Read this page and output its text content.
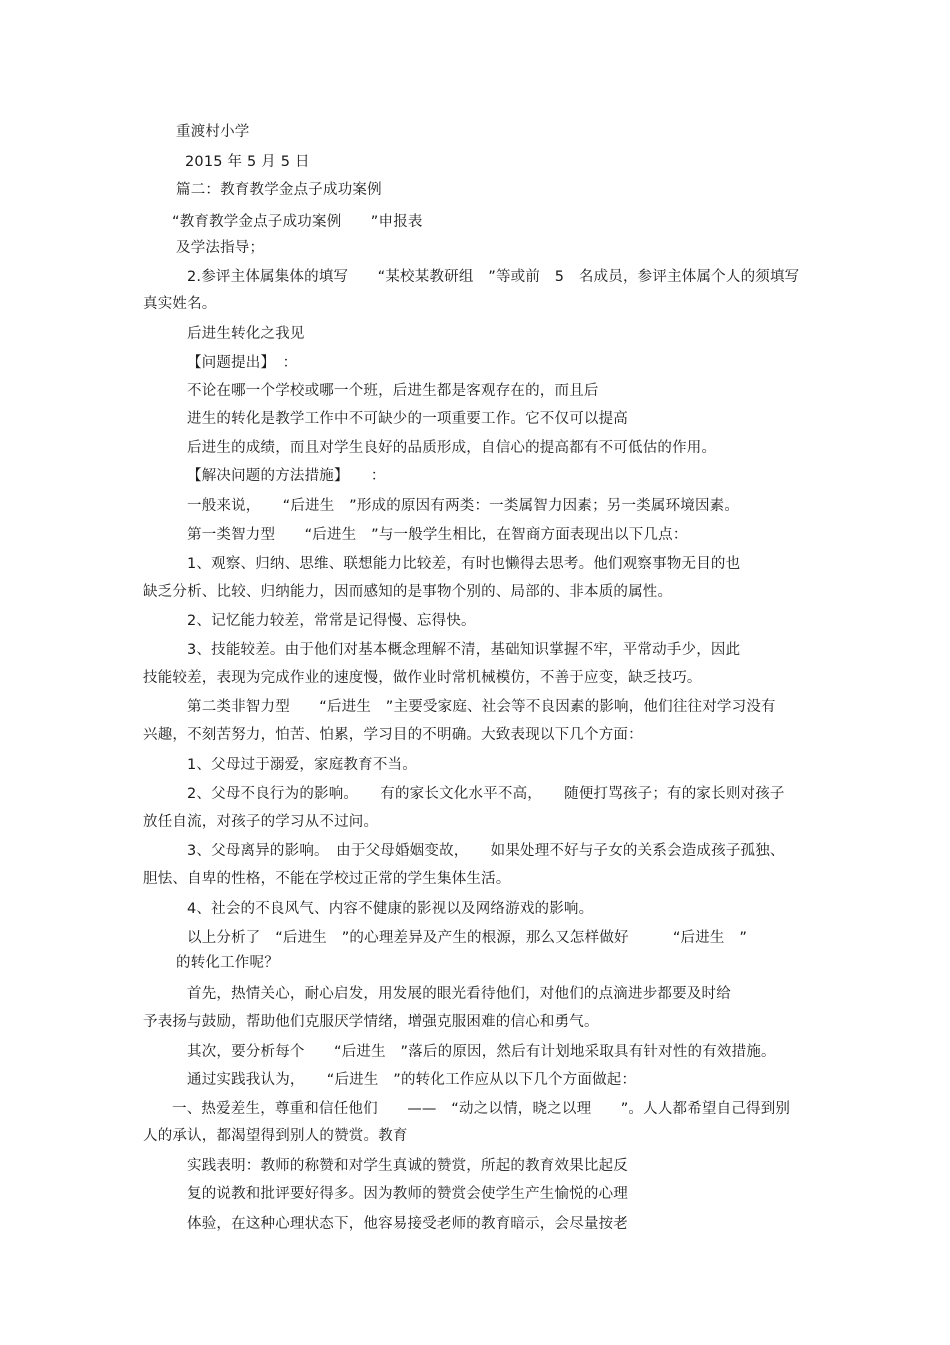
重渡村小学
2015 年 5 月 5 日
篇二：教育教学金点子成功案例
“教育教学金点子成功案例　　”申报表
及学法指导；
2.参评主体属集体的填写　　“某校某教研组　”等或前　5　名成员，参评主体属个人的须填写
真实姓名。
后进生转化之我见
【问题提出】　：
不论在哪一个学校或哪一个班，后进生都是客观存在的，而且后
进生的转化是教学工作中不可缺少的一项重要工作。它不仅可以提高
后进生的成绩，而且对学生良好的品质形成，自信心的提高都有不可低估的作用。
【解决问题的方法措施】　　：
一般来说，　　“后进生　”形成的原因有两类：一类属智力因素；另一类属环境因素。
第一类智力型　　“后进生　”与一般学生相比，在智商方面表现出以下几点：
1、观察、归纳、思维、联想能力比较差，有时也懒得去思考。他们观察事物无目的也
缺乏分析、比较、归纳能力，因而感知的是事物个别的、局部的、非本质的属性。
2、记忆能力较差，常常是记得慢、忘得快。
3、技能较差。由于他们对基本概念理解不清，基础知识掌握不牢，平常动手少，因此
技能较差，表现为完成作业的速度慢，做作业时常机械模仿，不善于应变，缺乏技巧。
第二类非智力型　　“后进生　”主要受家庭、社会等不良因素的影响，他们往往对学习没有
兴趣，不刻苦努力，怕苦、怕累，学习目的不明确。大致表现以下几个方面：
1、父母过于溺爱，家庭教育不当。
2、父母不良行为的影响。　　有的家长文化水平不高，　　随便打骂孩子；有的家长则对孩子
放任自流，对孩子的学习从不过问。
3、父母离异的影响。　由于父母婚姻变故，　　如果处理不好与子女的关系会造成孩子孤独、
胆怯、自卑的性格，不能在学校过正常的学生集体生活。
4、社会的不良风气、内容不健康的影视以及网络游戏的影响。
以上分析了　“后进生　”的心理差异及产生的根源，那么又怎样做好　　　“后进生　”
的转化工作呢？
首先，热情关心，耐心启发，用发展的眼光看待他们，对他们的点滴进步都要及时给
予表扬与鼓励，帮助他们克服厌学情绪，增强克服困难的信心和勇气。
其次，要分析每个　　“后进生　”落后的原因，然后有计划地采取具有针对性的有效措施。
通过实践我认为，　　“后进生　”的转化工作应从以下几个方面做起：
一、热爱差生，尊重和信任他们　　——　“动之以情，晓之以理　　”。人人都希望自己得到别
人的承认，都渴望得到别人的赞赏。教育
实践表明：教师的称赞和对学生真诚的赞赏，所起的教育效果比起反
复的说教和批评要好得多。因为教师的赞赏会使学生产生愉悦的心理
体验，在这种心理状态下，他容易接受老师的教育暗示，会尽量按老
